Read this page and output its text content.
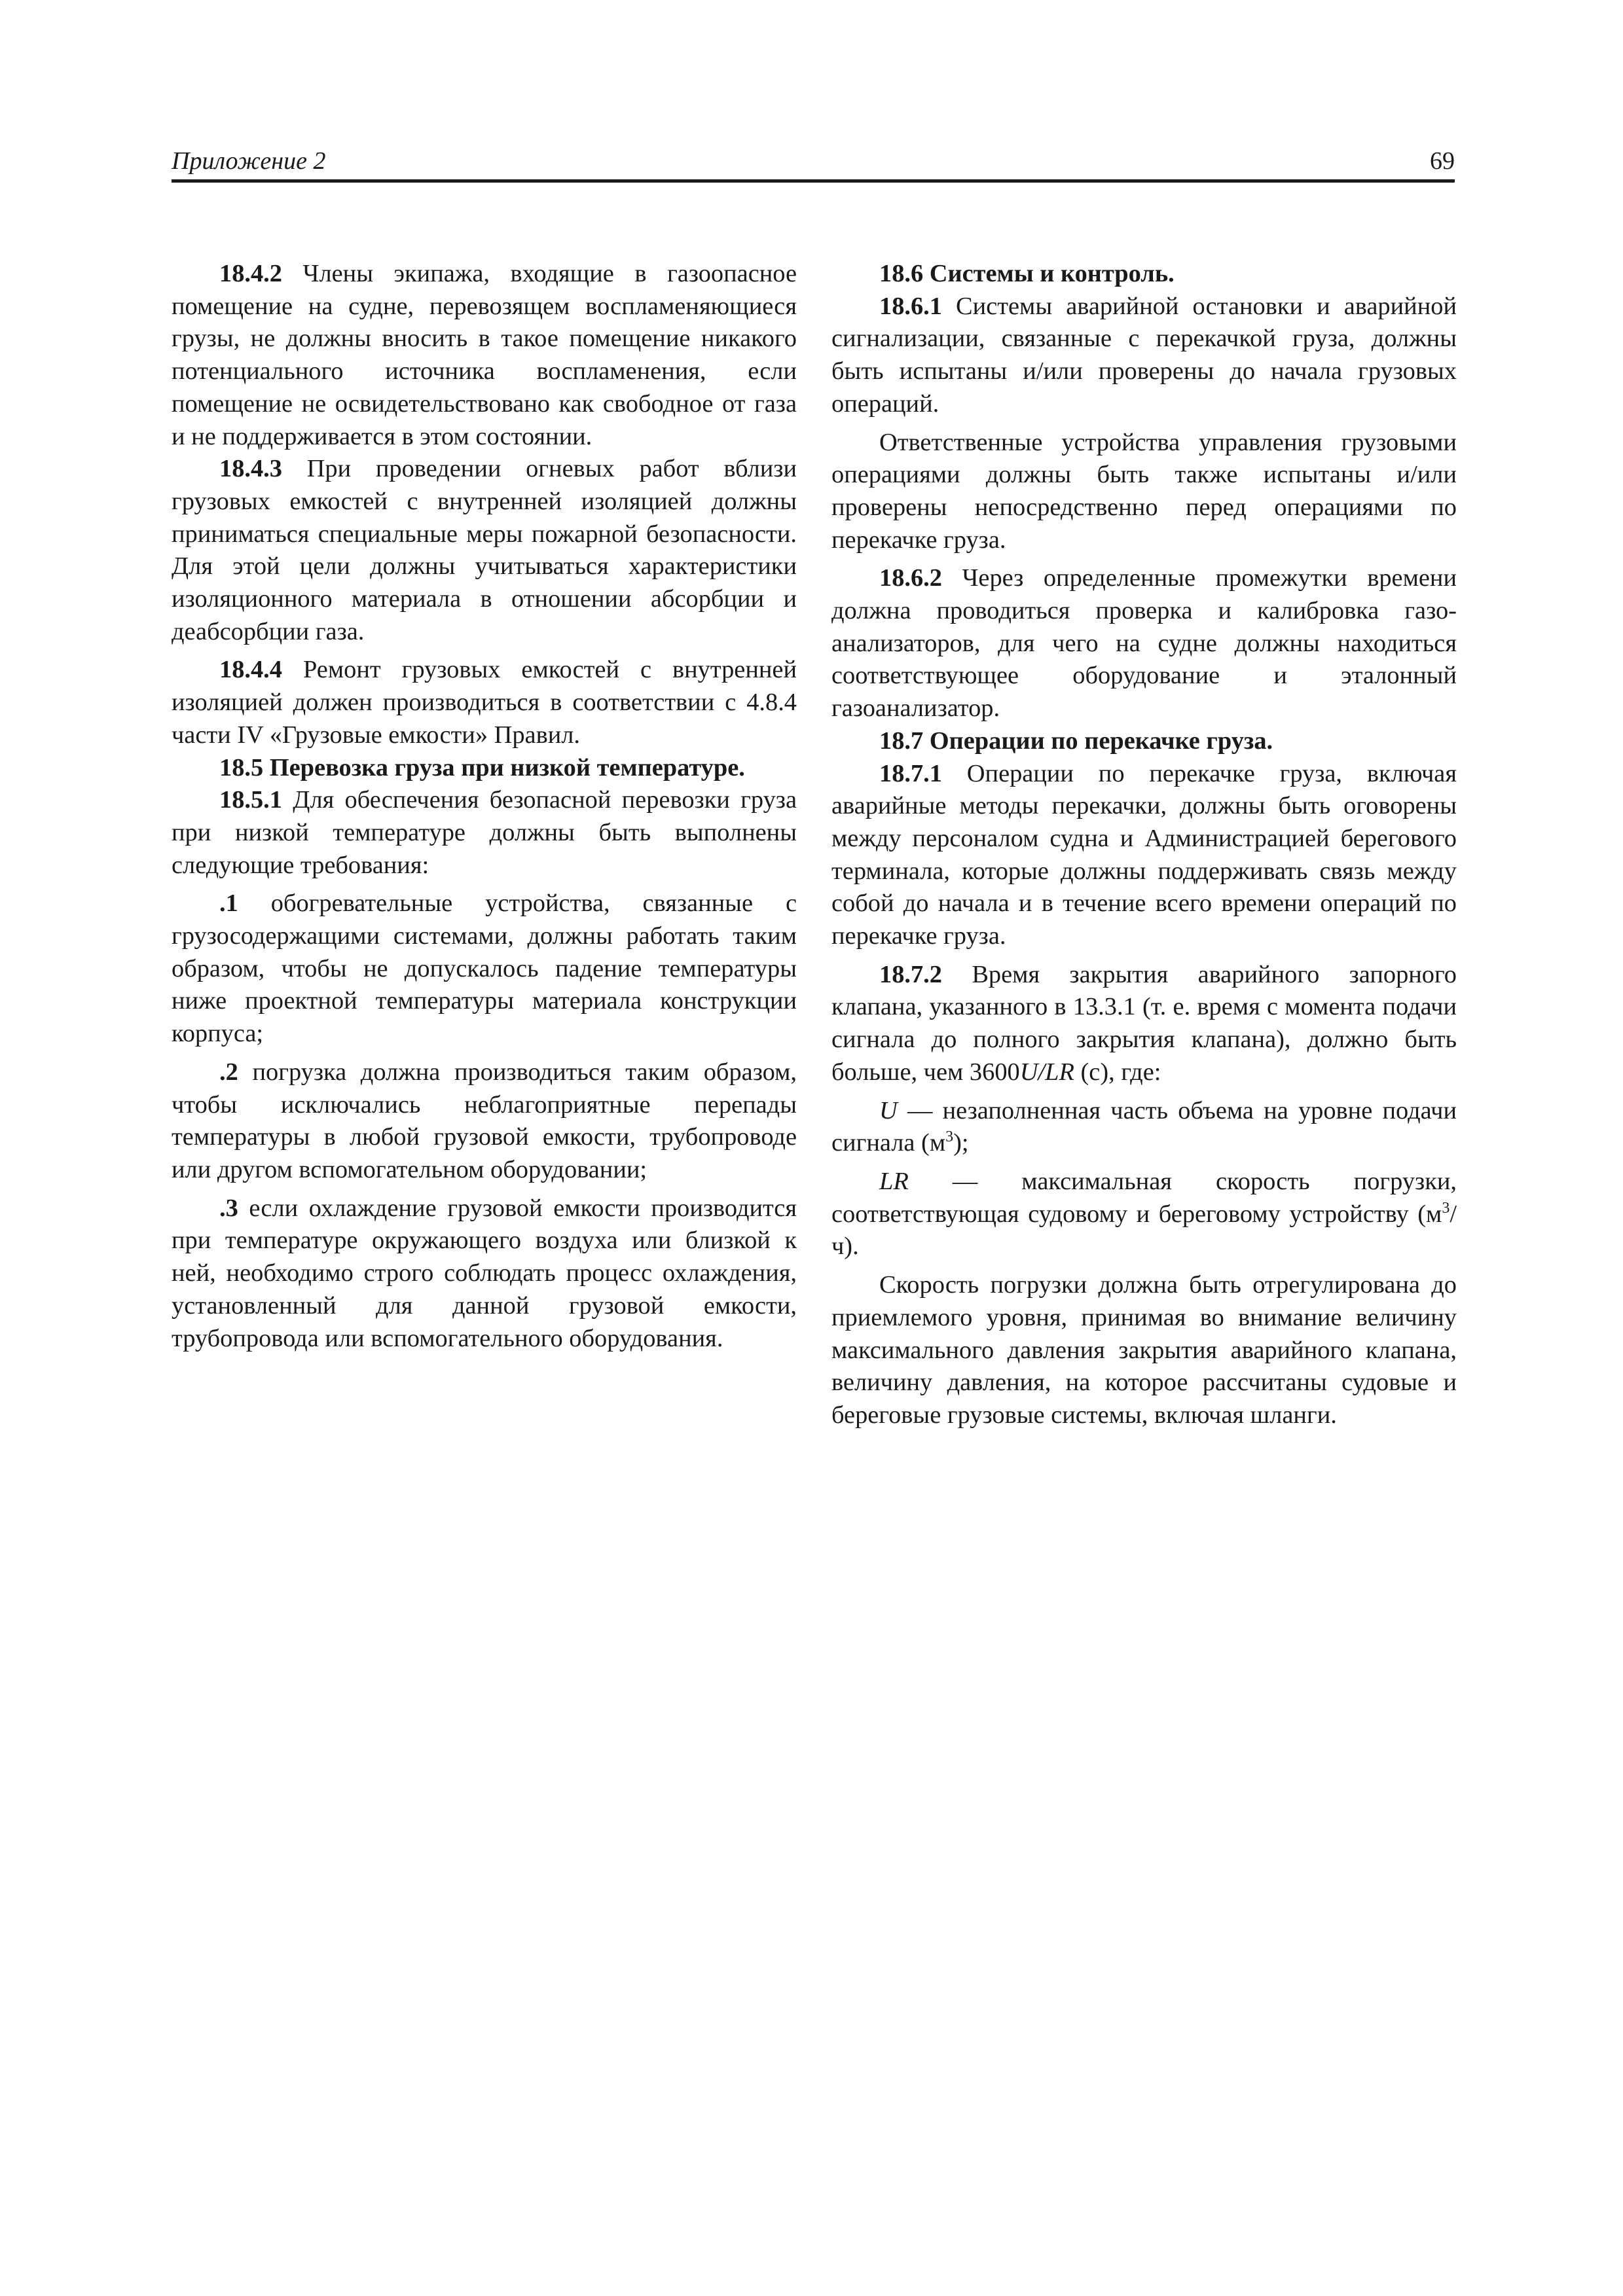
Приложение 2	69

18.4.2 Члены экипажа, входящие в газоопасное помещение на судне, перевозящем воспламеняющиеся грузы, не должны вносить в такое помещение никакого потенциального источника воспламенения, если помещение не освидетельствовано как свободное от газа и не поддерживается в этом состоянии.

18.4.3 При проведении огневых работ вблизи грузовых емкостей с внутренней изоляцией должны приниматься специальные меры пожарной безопасности. Для этой цели должны учитываться характеристики изоляционного материала в отношении абсорбции и деабсорбции газа.

18.4.4 Ремонт грузовых емкостей с внутренней изоляцией должен производиться в соответствии с 4.8.4 части IV «Грузовые емкости» Правил.

18.5 Перевозка груза при низкой температуре.

18.5.1 Для обеспечения безопасной перевозки груза при низкой температуре должны быть выполнены следующие требования:

.1 обогревательные устройства, связанные с грузосодержащими системами, должны работать таким образом, чтобы не допускалось падение температуры ниже проектной температуры материала конструкции корпуса;

.2 погрузка должна производиться таким образом, чтобы исключались неблагоприятные перепады температуры в любой грузовой емкости, трубопроводе или другом вспомогательном оборудовании;

.3 если охлаждение грузовой емкости производится при температуре окружающего воздуха или близкой к ней, необходимо строго соблюдать процесс охлаждения, установленный для данной грузовой емкости, трубопровода или вспомогательного оборудования.

18.6 Системы и контроль.

18.6.1 Системы аварийной остановки и аварийной сигнализации, связанные с перекачкой груза, должны быть испытаны и/или проверены до начала грузовых операций.

Ответственные устройства управления грузовыми операциями должны быть также испытаны и/или проверены непосредственно перед операциями по перекачке груза.

18.6.2 Через определенные промежутки времени должна проводиться проверка и калибровка газоанализаторов, для чего на судне должны находиться соответствующее оборудование и эталонный газоанализатор.

18.7 Операции по перекачке груза.

18.7.1 Операции по перекачке груза, включая аварийные методы перекачки, должны быть оговорены между персоналом судна и Администрацией берегового терминала, которые должны поддерживать связь между собой до начала и в течение всего времени операций по перекачке груза.

18.7.2 Время закрытия аварийного запорного клапана, указанного в 13.3.1 (т. е. время с момента подачи сигнала до полного закрытия клапана), должно быть больше, чем 3600U/LR (с), где:

U — незаполненная часть объема на уровне подачи сигнала $(м^3)$;

LR — максимальная скорость погрузки, соответствующая судовому и береговому устройству $(м^3/ч)$.

Скорость погрузки должна быть отрегулирована до приемлемого уровня, принимая во внимание величину максимального давления закрытия аварийного клапана, величину давления, на которое рассчитаны судовые и береговые грузовые системы, включая шланги.
